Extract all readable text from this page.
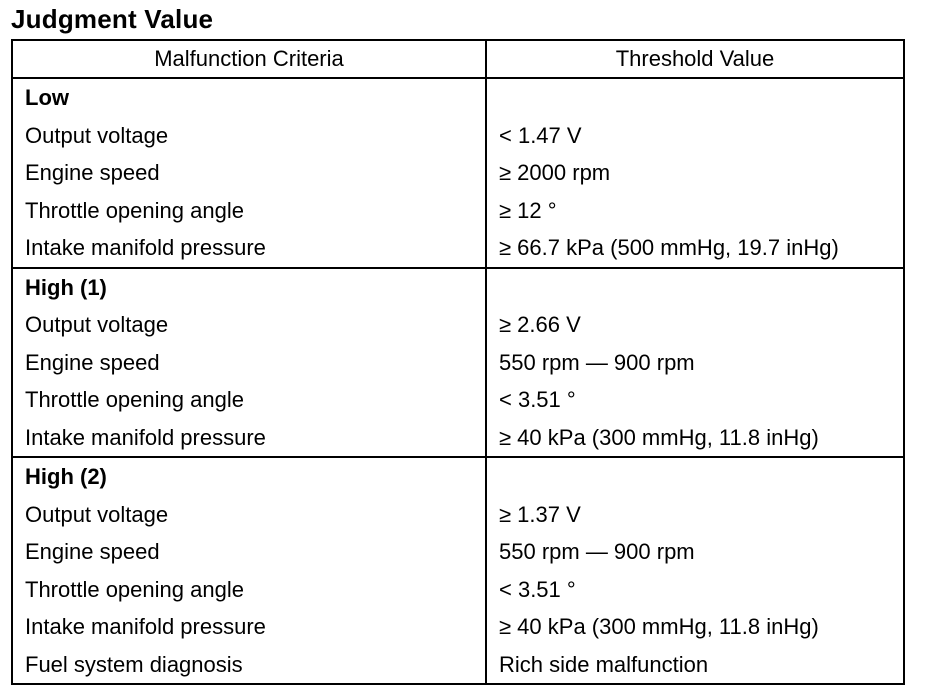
Judgment Value
Malfunction Criteria	Threshold Value
Low	
Output voltage	< 1.47 V
Engine speed	≥ 2000 rpm
Throttle opening angle	≥ 12 °
Intake manifold pressure	≥ 66.7 kPa (500 mmHg, 19.7 inHg)
High (1)	
Output voltage	≥ 2.66 V
Engine speed	550 rpm — 900 rpm
Throttle opening angle	< 3.51 °
Intake manifold pressure	≥ 40 kPa (300 mmHg, 11.8 inHg)
High (2)	
Output voltage	≥ 1.37 V
Engine speed	550 rpm — 900 rpm
Throttle opening angle	< 3.51 °
Intake manifold pressure	≥ 40 kPa (300 mmHg, 11.8 inHg)
Fuel system diagnosis	Rich side malfunction
